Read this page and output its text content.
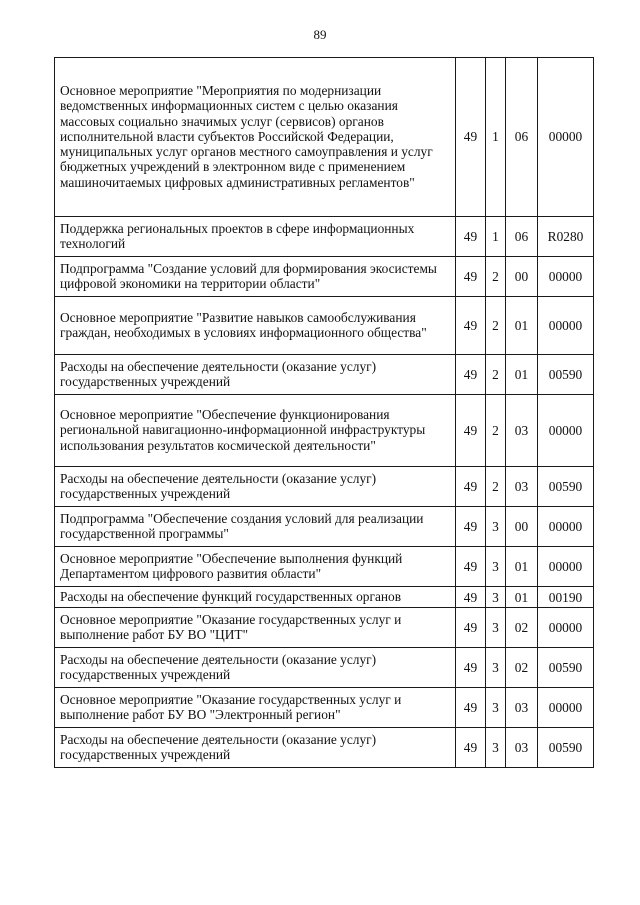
89
Основное мероприятие "Мероприятия по модернизации ведомственных информационных систем с целью оказания массовых социально значимых услуг (сервисов) органов исполнительной власти субъектов Российской Федерации, муниципальных услуг органов местного самоуправления и услуг бюджетных учреждений в электронном виде с применением машиночитаемых цифровых административных регламентов"	49	1	06	00000
Поддержка региональных проектов в сфере информационных технологий	49	1	06	R0280
Подпрограмма "Создание условий для формирования экосистемы цифровой экономики на территории области"	49	2	00	00000
Основное мероприятие "Развитие навыков самообслуживания граждан, необходимых в условиях информационного общества"	49	2	01	00000
Расходы на обеспечение деятельности (оказание услуг) государственных учреждений	49	2	01	00590
Основное мероприятие "Обеспечение функционирования региональной навигационно-информационной инфраструктуры использования результатов космической деятельности"	49	2	03	00000
Расходы на обеспечение деятельности (оказание услуг) государственных учреждений	49	2	03	00590
Подпрограмма "Обеспечение создания условий для реализации государственной программы"	49	3	00	00000
Основное мероприятие "Обеспечение выполнения функций Департаментом цифрового развития области"	49	3	01	00000
Расходы на обеспечение функций государственных органов	49	3	01	00190
Основное мероприятие "Оказание государственных услуг и выполнение работ БУ ВО "ЦИТ"	49	3	02	00000
Расходы на обеспечение деятельности (оказание услуг) государственных учреждений	49	3	02	00590
Основное мероприятие "Оказание государственных услуг и выполнение работ БУ ВО "Электронный регион"	49	3	03	00000
Расходы на обеспечение деятельности (оказание услуг) государственных учреждений	49	3	03	00590
